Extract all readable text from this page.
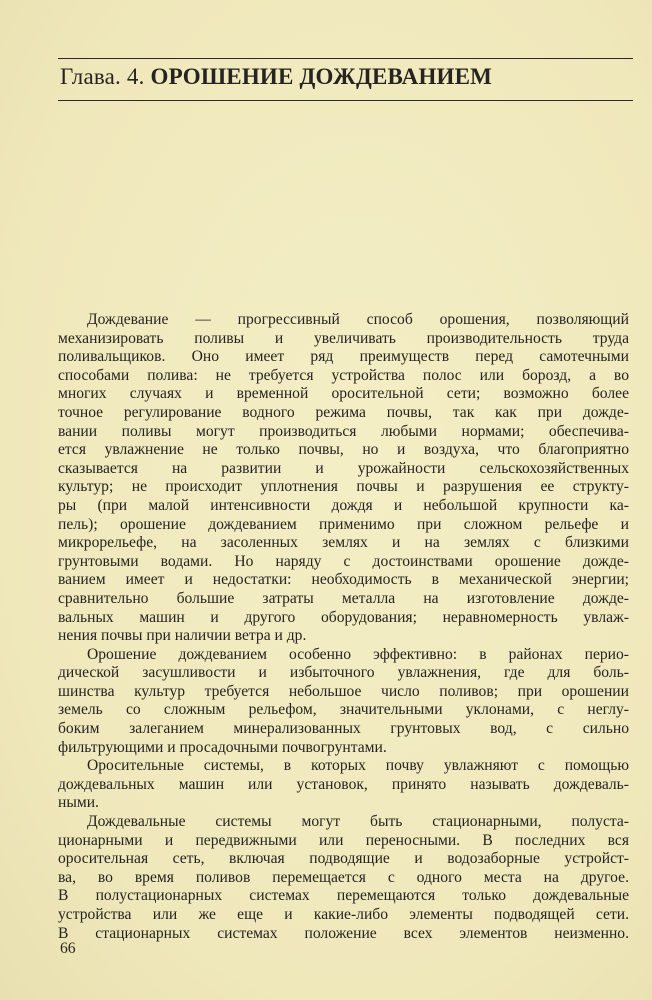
Глава. 4. ОРОШЕНИЕ ДОЖДЕВАНИЕМ
Дождевание — прогрессивный способ орошения, позволяющий
механизировать поливы и увеличивать производительность труда
поливальщиков. Оно имеет ряд преимуществ перед самотечными
способами полива: не требуется устройства полос или борозд, а во
многих случаях и временной оросительной сети; возможно более
точное регулирование водного режима почвы, так как при дожде-
вании поливы могут производиться любыми нормами; обеспечива-
ется увлажнение не только почвы, но и воздуха, что благоприятно
сказывается на развитии и урожайности сельскохозяйственных
культур; не происходит уплотнения почвы и разрушения ее структу-
ры (при малой интенсивности дождя и небольшой крупности ка-
пель); орошение дождеванием применимо при сложном рельефе и
микрорельефе, на засоленных землях и на землях с близкими
грунтовыми водами. Но наряду с достоинствами орошение дожде-
ванием имеет и недостатки: необходимость в механической энергии;
сравнительно большие затраты металла на изготовление дожде-
вальных машин и другого оборудования; неравномерность увлаж-
нения почвы при наличии ветра и др.
Орошение дождеванием особенно эффективно: в районах перио-
дической засушливости и избыточного увлажнения, где для боль-
шинства культур требуется небольшое число поливов; при орошении
земель со сложным рельефом, значительными уклонами, с неглу-
боким залеганием минерализованных грунтовых вод, с сильно
фильтрующими и просадочными почвогрунтами.
Оросительные системы, в которых почву увлажняют с помощью
дождевальных машин или установок, принято называть дождеваль-
ными.
Дождевальные системы могут быть стационарными, полуста-
ционарными и передвижными или переносными. В последних вся
оросительная сеть, включая подводящие и водозаборные устройст-
ва, во время поливов перемещается с одного места на другое.
В полустационарных системах перемещаются только дождевальные
устройства или же еще и какие-либо элементы подводящей сети.
В стационарных системах положение всех элементов неизменно.
66
